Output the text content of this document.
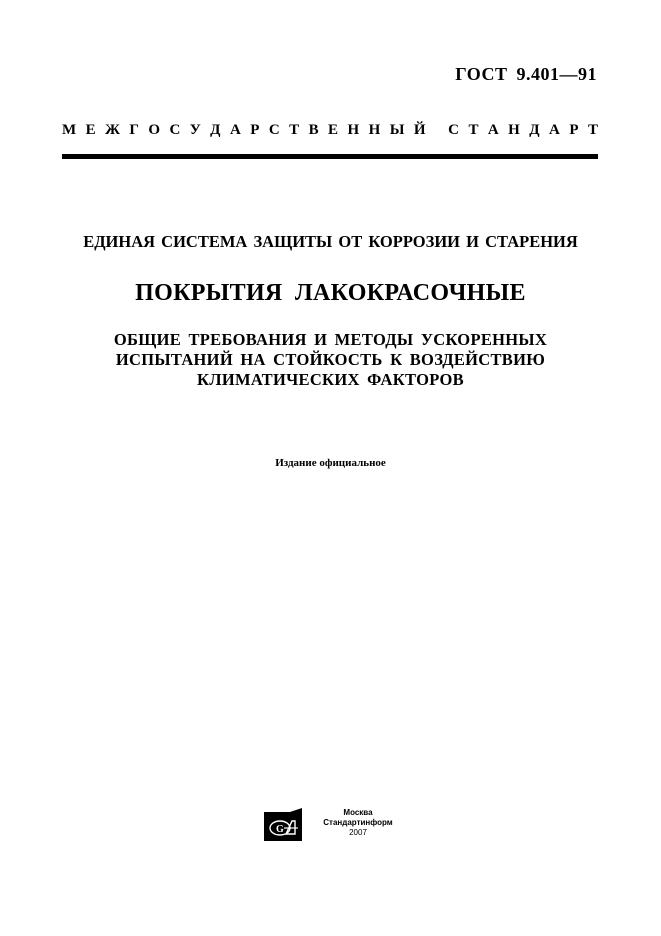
ГОСТ 9.401—91
М Е Ж Г О С У Д А Р С Т В Е Н Н Ы Й
С Т А Н Д А Р Т
ЕДИНАЯ СИСТЕМА ЗАЩИТЫ ОТ КОРРОЗИИ И СТАРЕНИЯ
ПОКРЫТИЯ ЛАКОКРАСОЧНЫЕ
ОБЩИЕ ТРЕБОВАНИЯ И МЕТОДЫ УСКОРЕННЫХ
ИСПЫТАНИЙ НА СТОЙКОСТЬ К ВОЗДЕЙСТВИЮ
КЛИМАТИЧЕСКИХ ФАКТОРОВ
Издание официальное
G
Москва
Стандартинформ
2007
